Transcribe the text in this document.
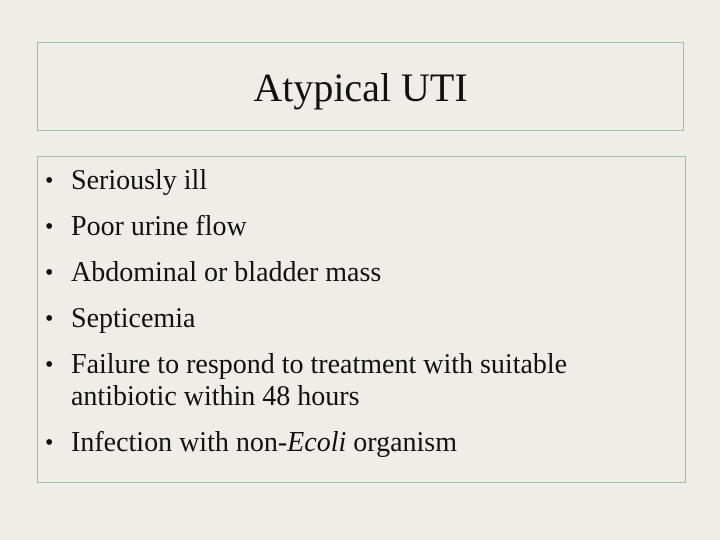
Atypical UTI
• Seriously ill
• Poor urine flow
• Abdominal or bladder mass
• Septicemia
• Failure to respond to treatment with suitable antibiotic within 48 hours
• Infection with non-Ecoli organism
